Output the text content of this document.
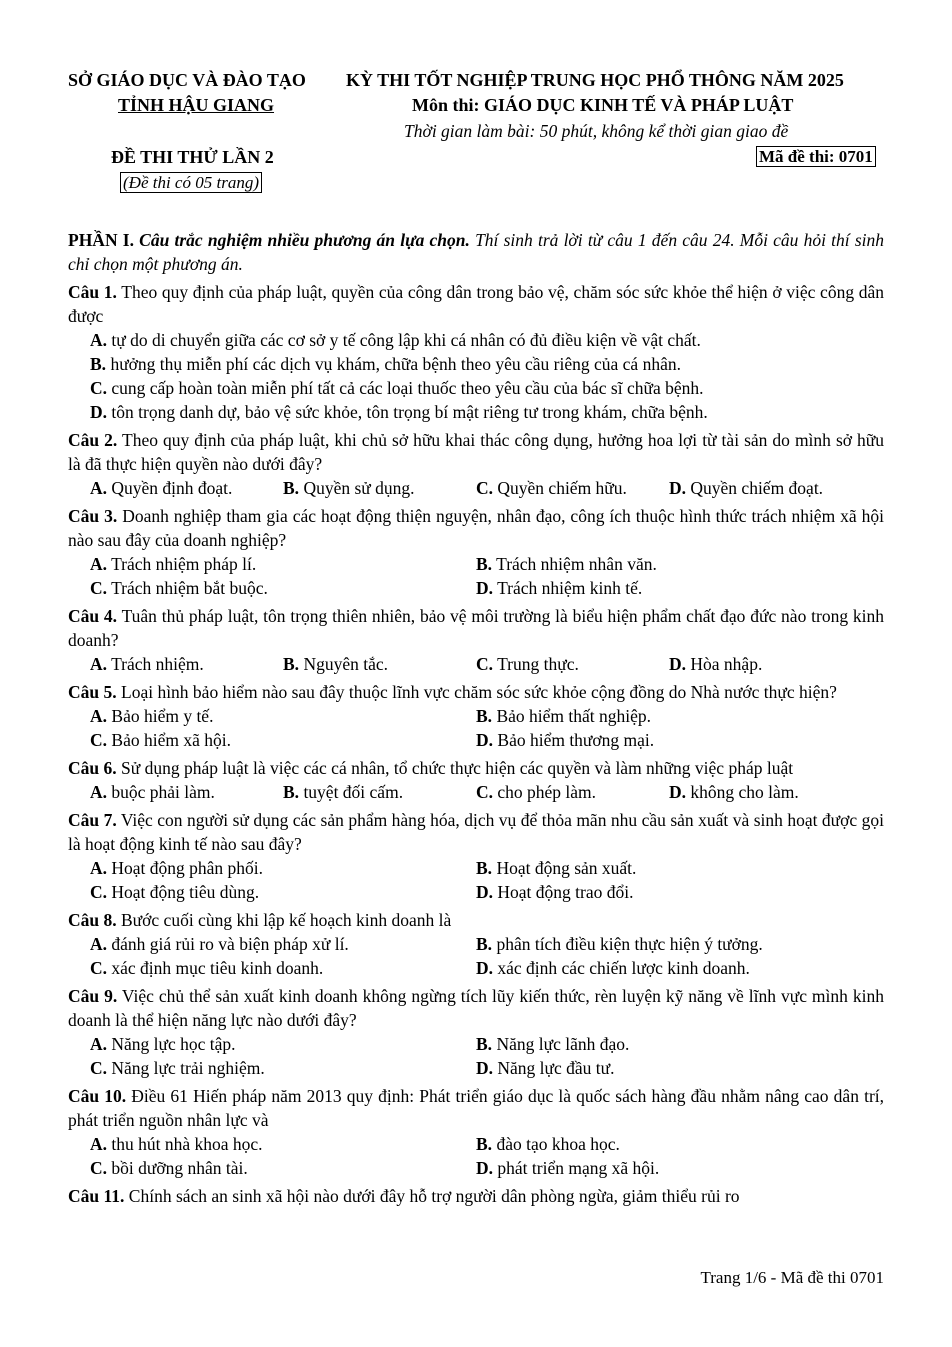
SỞ GIÁO DỤC VÀ ĐÀO TẠO
TỈNH HẬU GIANG
KỲ THI TỐT NGHIỆP TRUNG HỌC PHỔ THÔNG NĂM 2025
Môn thi: GIÁO DỤC KINH TẾ VÀ PHÁP LUẬT
Thời gian làm bài: 50 phút, không kể thời gian giao đề
ĐỀ THI THỬ LẦN 2
(Đề thi có 05 trang)
Mã đề thi: 0701
PHẦN I. Câu trắc nghiệm nhiều phương án lựa chọn. Thí sinh trả lời từ câu 1 đến câu 24. Mỗi câu hỏi thí sinh chỉ chọn một phương án.
Câu 1. Theo quy định của pháp luật, quyền của công dân trong bảo vệ, chăm sóc sức khỏe thể hiện ở việc công dân được
A. tự do di chuyển giữa các cơ sở y tế công lập khi cá nhân có đủ điều kiện về vật chất.
B. hưởng thụ miễn phí các dịch vụ khám, chữa bệnh theo yêu cầu riêng của cá nhân.
C. cung cấp hoàn toàn miễn phí tất cả các loại thuốc theo yêu cầu của bác sĩ chữa bệnh.
D. tôn trọng danh dự, bảo vệ sức khỏe, tôn trọng bí mật riêng tư trong khám, chữa bệnh.
Câu 2. Theo quy định của pháp luật, khi chủ sở hữu khai thác công dụng, hưởng hoa lợi từ tài sản do mình sở hữu là đã thực hiện quyền nào dưới đây?
A. Quyền định đoạt.	B. Quyền sử dụng.	C. Quyền chiếm hữu.	D. Quyền chiếm đoạt.
Câu 3. Doanh nghiệp tham gia các hoạt động thiện nguyện, nhân đạo, công ích thuộc hình thức trách nhiệm xã hội nào sau đây của doanh nghiệp?
A. Trách nhiệm pháp lí.	B. Trách nhiệm nhân văn.
C. Trách nhiệm bắt buộc.	D. Trách nhiệm kinh tế.
Câu 4. Tuân thủ pháp luật, tôn trọng thiên nhiên, bảo vệ môi trường là biểu hiện phẩm chất đạo đức nào trong kinh doanh?
A. Trách nhiệm.	B. Nguyên tắc.	C. Trung thực.	D. Hòa nhập.
Câu 5. Loại hình bảo hiểm nào sau đây thuộc lĩnh vực chăm sóc sức khỏe cộng đồng do Nhà nước thực hiện?
A. Bảo hiểm y tế.	B. Bảo hiểm thất nghiệp.
C. Bảo hiểm xã hội.	D. Bảo hiểm thương mại.
Câu 6. Sử dụng pháp luật là việc các cá nhân, tổ chức thực hiện các quyền và làm những việc pháp luật
A. buộc phải làm.	B. tuyệt đối cấm.	C. cho phép làm.	D. không cho làm.
Câu 7. Việc con người sử dụng các sản phẩm hàng hóa, dịch vụ để thỏa mãn nhu cầu sản xuất và sinh hoạt được gọi là hoạt động kinh tế nào sau đây?
A. Hoạt động phân phối.	B. Hoạt động sản xuất.
C. Hoạt động tiêu dùng.	D. Hoạt động trao đổi.
Câu 8. Bước cuối cùng khi lập kế hoạch kinh doanh là
A. đánh giá rủi ro và biện pháp xử lí.	B. phân tích điều kiện thực hiện ý tưởng.
C. xác định mục tiêu kinh doanh.	D. xác định các chiến lược kinh doanh.
Câu 9. Việc chủ thể sản xuất kinh doanh không ngừng tích lũy kiến thức, rèn luyện kỹ năng về lĩnh vực mình kinh doanh là thể hiện năng lực nào dưới đây?
A. Năng lực học tập.	B. Năng lực lãnh đạo.
C. Năng lực trải nghiệm.	D. Năng lực đầu tư.
Câu 10. Điều 61 Hiến pháp năm 2013 quy định: Phát triển giáo dục là quốc sách hàng đầu nhằm nâng cao dân trí, phát triển nguồn nhân lực và
A. thu hút nhà khoa học.	B. đào tạo khoa học.
C. bồi dưỡng nhân tài.	D. phát triển mạng xã hội.
Câu 11. Chính sách an sinh xã hội nào dưới đây hỗ trợ người dân phòng ngừa, giảm thiểu rủi ro
Trang 1/6 - Mã đề thi 0701
